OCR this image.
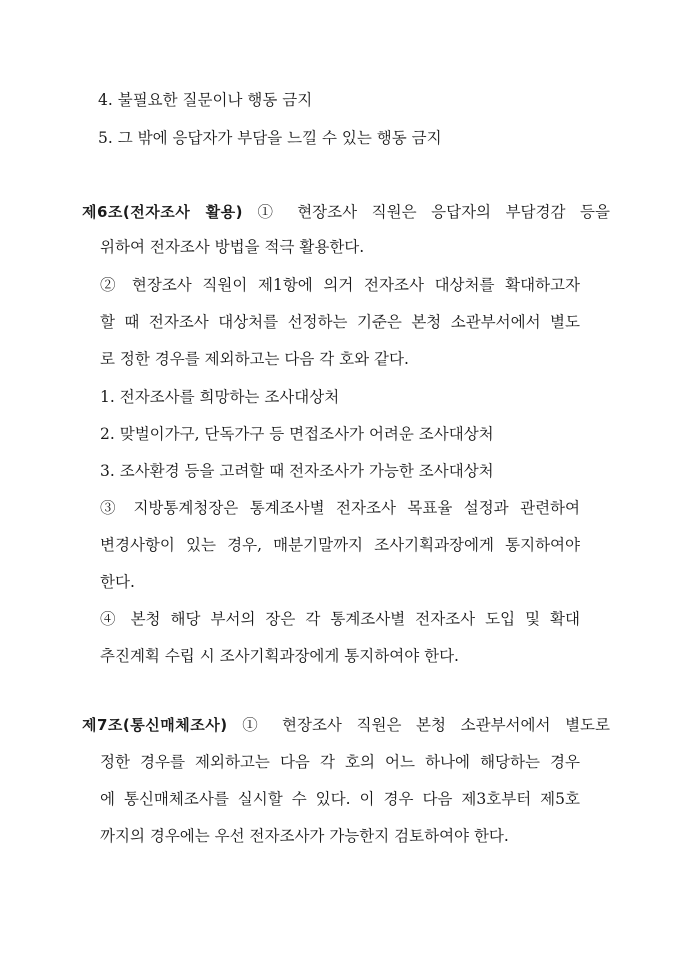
4. 불필요한 질문이나 행동 금지
5. 그 밖에 응답자가 부담을 느낄 수 있는 행동 금지
제6조(전자조사 활용) ① 현장조사 직원은 응답자의 부담경감 등을
위하여 전자조사 방법을 적극 활용한다.
② 현장조사 직원이 제1항에 의거 전자조사 대상처를 확대하고자
할 때 전자조사 대상처를 선정하는 기준은 본청 소관부서에서 별도
로 정한 경우를 제외하고는 다음 각 호와 같다.
1. 전자조사를 희망하는 조사대상처
2. 맞벌이가구, 단독가구 등 면접조사가 어려운 조사대상처
3. 조사환경 등을 고려할 때 전자조사가 가능한 조사대상처
③ 지방통계청장은 통계조사별 전자조사 목표율 설정과 관련하여
변경사항이 있는 경우, 매분기말까지 조사기획과장에게 통지하여야
한다.
④ 본청 해당 부서의 장은 각 통계조사별 전자조사 도입 및 확대
추진계획 수립 시 조사기획과장에게 통지하여야 한다.
제7조(통신매체조사) ① 현장조사 직원은 본청 소관부서에서 별도로
정한 경우를 제외하고는 다음 각 호의 어느 하나에 해당하는 경우
에 통신매체조사를 실시할 수 있다. 이 경우 다음 제3호부터 제5호
까지의 경우에는 우선 전자조사가 가능한지 검토하여야 한다.
